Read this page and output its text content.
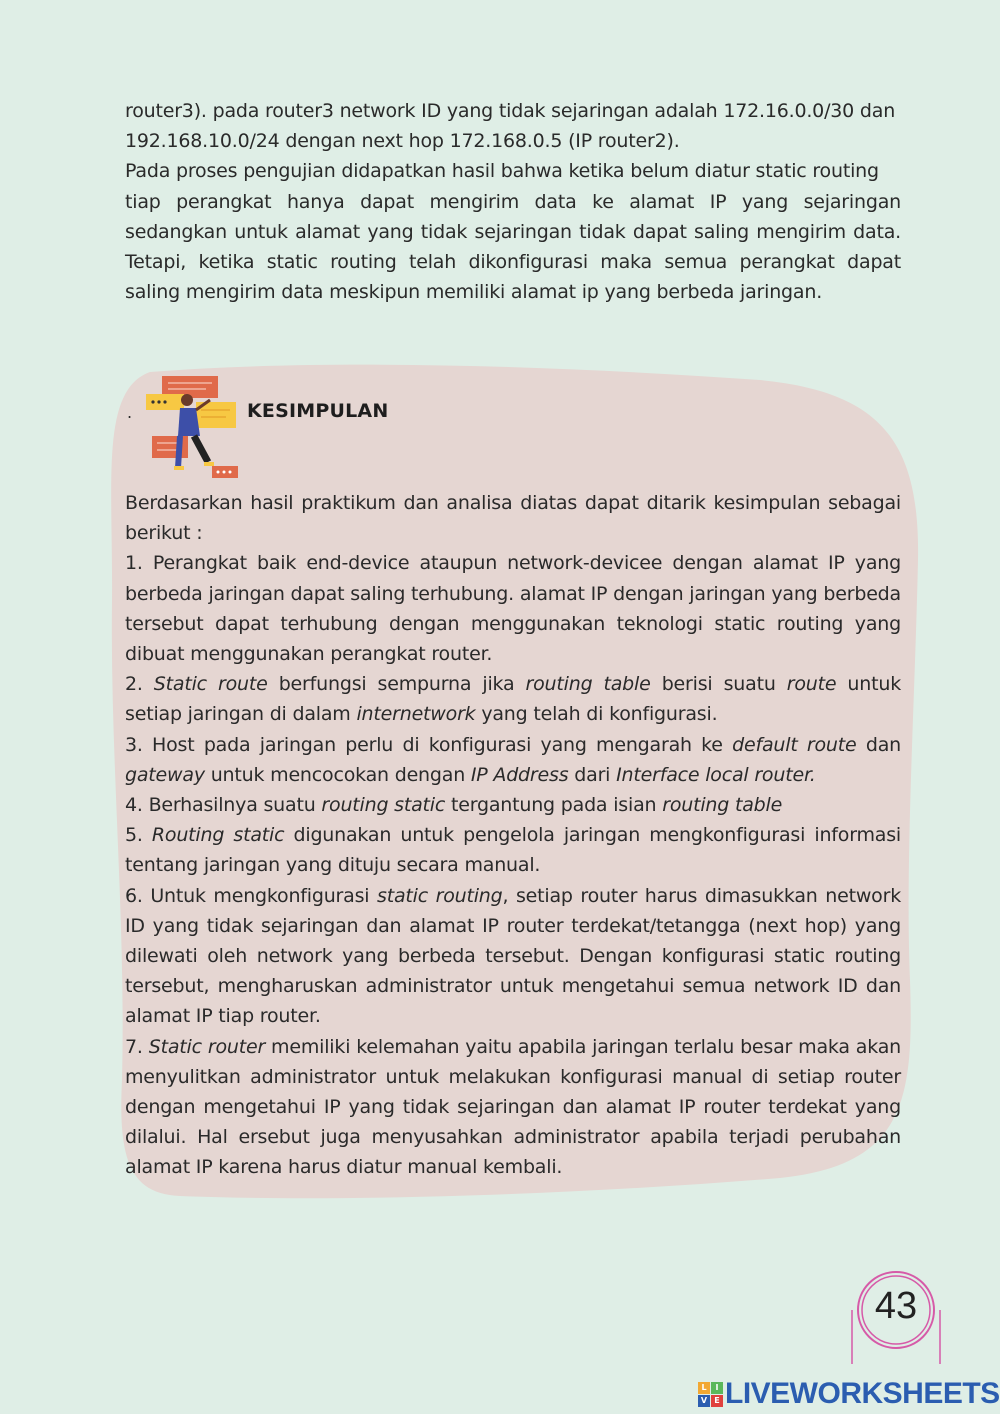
router3). pada router3 network ID yang tidak sejaringan adalah 172.16.0.0/30 dan

192.168.10.0/24 dengan next hop 172.168.0.5 (IP router2).

Pada proses pengujian didapatkan hasil bahwa ketika belum diatur static routing

tiap perangkat hanya dapat mengirim data ke alamat IP yang sejaringan sedangkan untuk alamat yang tidak sejaringan tidak dapat saling mengirim data. Tetapi, ketika static routing telah dikonfigurasi maka semua perangkat dapat saling mengirim data meskipun memiliki alamat ip yang berbeda jaringan.

.	KESIMPULAN

Berdasarkan hasil praktikum dan analisa diatas dapat ditarik kesimpulan sebagai berikut :

1. Perangkat baik end-device ataupun network-devicee dengan alamat IP yang berbeda jaringan dapat saling terhubung. alamat IP dengan jaringan yang berbeda tersebut dapat terhubung dengan menggunakan teknologi static routing yang dibuat menggunakan perangkat router.

2. Static route berfungsi sempurna jika routing table berisi suatu route untuk setiap jaringan di dalam internetwork yang telah di konfigurasi.

3. Host pada jaringan perlu di konfigurasi yang mengarah ke default route dan gateway untuk mencocokan dengan IP Address dari Interface local router.

4. Berhasilnya suatu routing static tergantung pada isian routing table

5. Routing static digunakan untuk pengelola jaringan mengkonfigurasi informasi tentang jaringan yang dituju secara manual.

6. Untuk mengkonfigurasi static routing, setiap router harus dimasukkan network ID yang tidak sejaringan dan alamat IP router terdekat/tetangga (next hop) yang dilewati oleh network yang berbeda tersebut. Dengan konfigurasi static routing tersebut, mengharuskan administrator untuk mengetahui semua network ID dan alamat IP tiap router.

7. Static router memiliki kelemahan yaitu apabila jaringan terlalu besar maka akan menyulitkan administrator untuk melakukan konfigurasi manual di setiap router dengan mengetahui IP yang tidak sejaringan dan alamat IP router terdekat yang dilalui. Hal ersebut juga menyusahkan administrator apabila terjadi perubahan alamat IP karena harus diatur manual kembali.

43
L	I
V E LIVEWORKSHEETS
